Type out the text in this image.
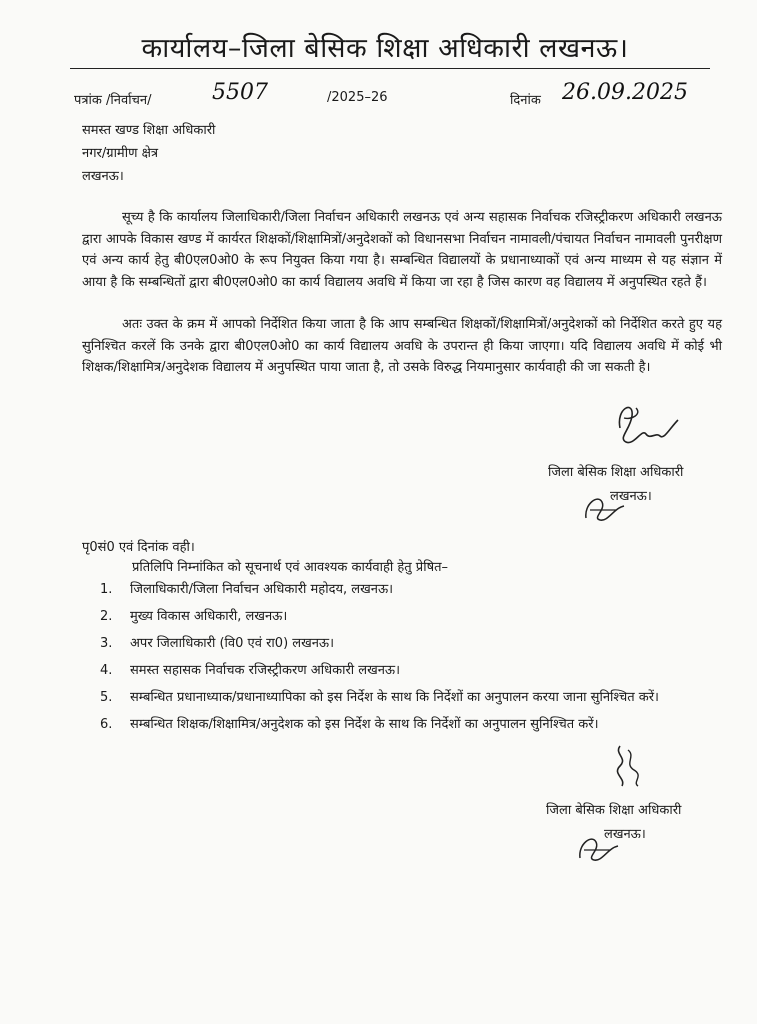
कार्यालय–जिला बेसिक शिक्षा अधिकारी लखनऊ।
पत्रांक /निर्वाचन/	5507	/2025–26	दिनांक 26.09.2025
समस्त खण्ड शिक्षा अधिकारी
नगर/ग्रामीण क्षेत्र
लखनऊ।
सूच्य है कि कार्यालय जिलाधिकारी/जिला निर्वाचन अधिकारी लखनऊ एवं अन्य सहासक निर्वाचक रजिस्ट्रीकरण अधिकारी लखनऊ द्वारा आपके विकास खण्ड में कार्यरत शिक्षकों/शिक्षामित्रों/अनुदेशकों को विधानसभा निर्वाचन नामावली/पंचायत निर्वाचन नामावली पुनरीक्षण एवं अन्य कार्य हेतु बी0एल0ओ0 के रूप नियुक्त किया गया है। सम्बन्धित विद्यालयों के प्रधानाध्याकों एवं अन्य माध्यम से यह संज्ञान में आया है कि सम्बन्धितों द्वारा बी0एल0ओ0 का कार्य विद्यालय अवधि में किया जा रहा है जिस कारण वह विद्यालय में अनुपस्थित रहते हैं।
अतः उक्त के क्रम में आपको निर्देशित किया जाता है कि आप सम्बन्धित शिक्षकों/शिक्षामित्रों/अनुदेशकों को निर्देशित करते हुए यह सुनिश्चित करलें कि उनके द्वारा बी0एल0ओ0 का कार्य विद्यालय अवधि के उपरान्त ही किया जाएगा। यदि विद्यालय अवधि में कोई भी शिक्षक/शिक्षामित्र/अनुदेशक विद्यालय में अनुपस्थित पाया जाता है, तो उसके विरुद्ध नियमानुसार कार्यवाही की जा सकती है।
जिला बेसिक शिक्षा अधिकारी
लखनऊ।
पृ0सं0 एवं दिनांक वही।
प्रतिलिपि निम्नांकित को सूचनार्थ एवं आवश्यक कार्यवाही हेतु प्रेषित–
1. जिलाधिकारी/जिला निर्वाचन अधिकारी महोदय, लखनऊ।
2. मुख्य विकास अधिकारी, लखनऊ।
3. अपर जिलाधिकारी (वि0 एवं रा0) लखनऊ।
4. समस्त सहासक निर्वाचक रजिस्ट्रीकरण अधिकारी लखनऊ।
5. सम्बन्धित प्रधानाध्याक/प्रधानाध्यापिका को इस निर्देश के साथ कि निर्देशों का अनुपालन करया जाना सुनिश्चित करें।
6. सम्बन्धित शिक्षक/शिक्षामित्र/अनुदेशक को इस निर्देश के साथ कि निर्देशों का अनुपालन सुनिश्चित करें।
जिला बेसिक शिक्षा अधिकारी
लखनऊ।
